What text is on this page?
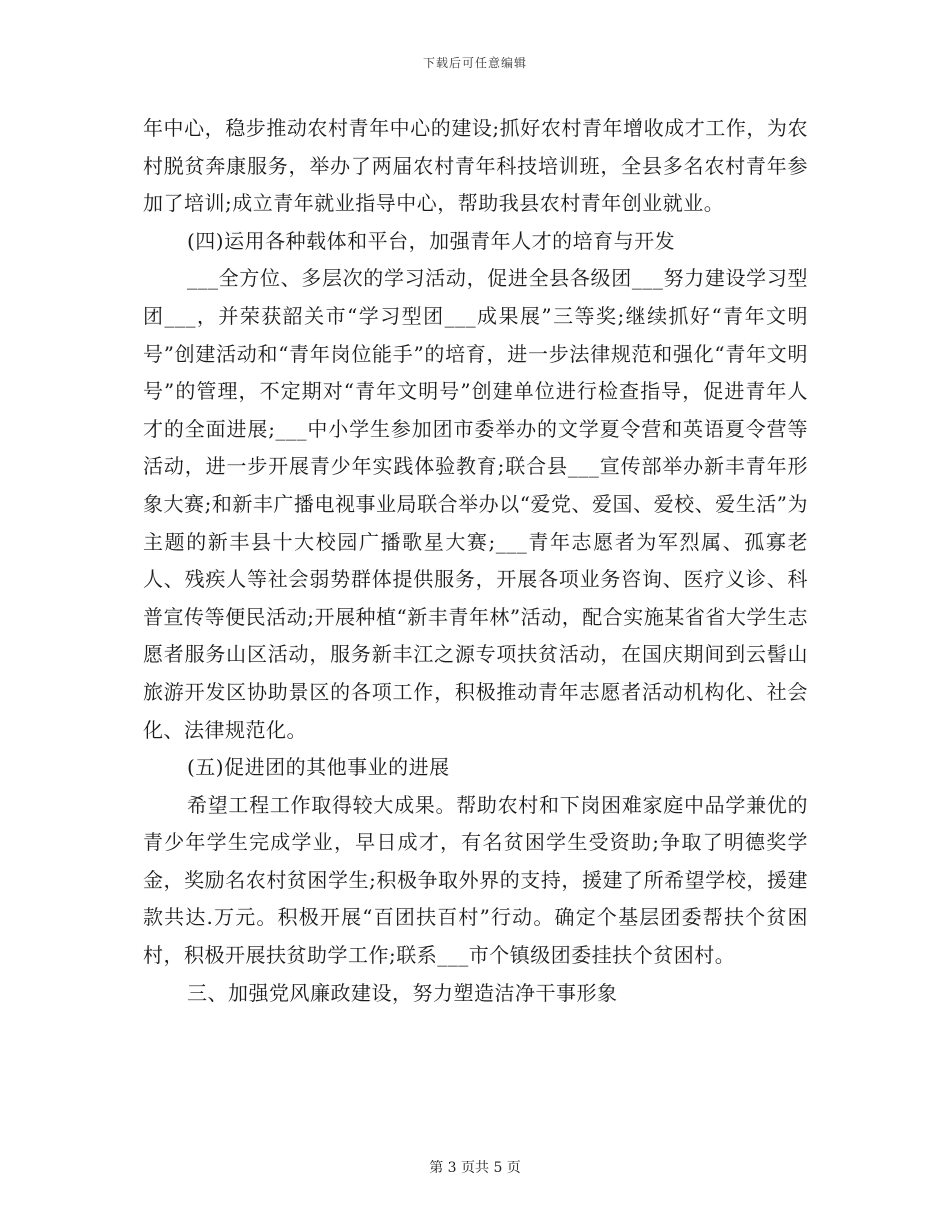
下载后可任意编辑

年中心，稳步推动农村青年中心的建设;抓好农村青年增收成才工作，为农村脱贫奔康服务，举办了两届农村青年科技培训班，全县多名农村青年参加了培训;成立青年就业指导中心，帮助我县农村青年创业就业。

(四)运用各种载体和平台，加强青年人才的培育与开发

___全方位、多层次的学习活动，促进全县各级团___努力建设学习型团___，并荣获韶关市“学习型团___成果展”三等奖;继续抓好“青年文明号”创建活动和“青年岗位能手”的培育，进一步法律规范和强化“青年文明号”的管理，不定期对“青年文明号”创建单位进行检查指导，促进青年人才的全面进展;___中小学生参加团市委举办的文学夏令营和英语夏令营等活动，进一步开展青少年实践体验教育;联合县___宣传部举办新丰青年形象大赛;和新丰广播电视事业局联合举办以“爱党、爱国、爱校、爱生活”为主题的新丰县十大校园广播歌星大赛;___青年志愿者为军烈属、孤寡老人、残疾人等社会弱势群体提供服务，开展各项业务咨询、医疗义诊、科普宣传等便民活动;开展种植“新丰青年林”活动，配合实施某省省大学生志愿者服务山区活动，服务新丰江之源专项扶贫活动，在国庆期间到云髻山旅游开发区协助景区的各项工作，积极推动青年志愿者活动机构化、社会化、法律规范化。

(五)促进团的其他事业的进展

希望工程工作取得较大成果。帮助农村和下岗困难家庭中品学兼优的青少年学生完成学业，早日成才，有名贫困学生受资助;争取了明德奖学金，奖励名农村贫困学生;积极争取外界的支持，援建了所希望学校，援建款共达.万元。积极开展“百团扶百村”行动。确定个基层团委帮扶个贫困村，积极开展扶贫助学工作;联系___市个镇级团委挂扶个贫困村。

三、加强党风廉政建设，努力塑造洁净干事形象

第 3 页共 5 页
